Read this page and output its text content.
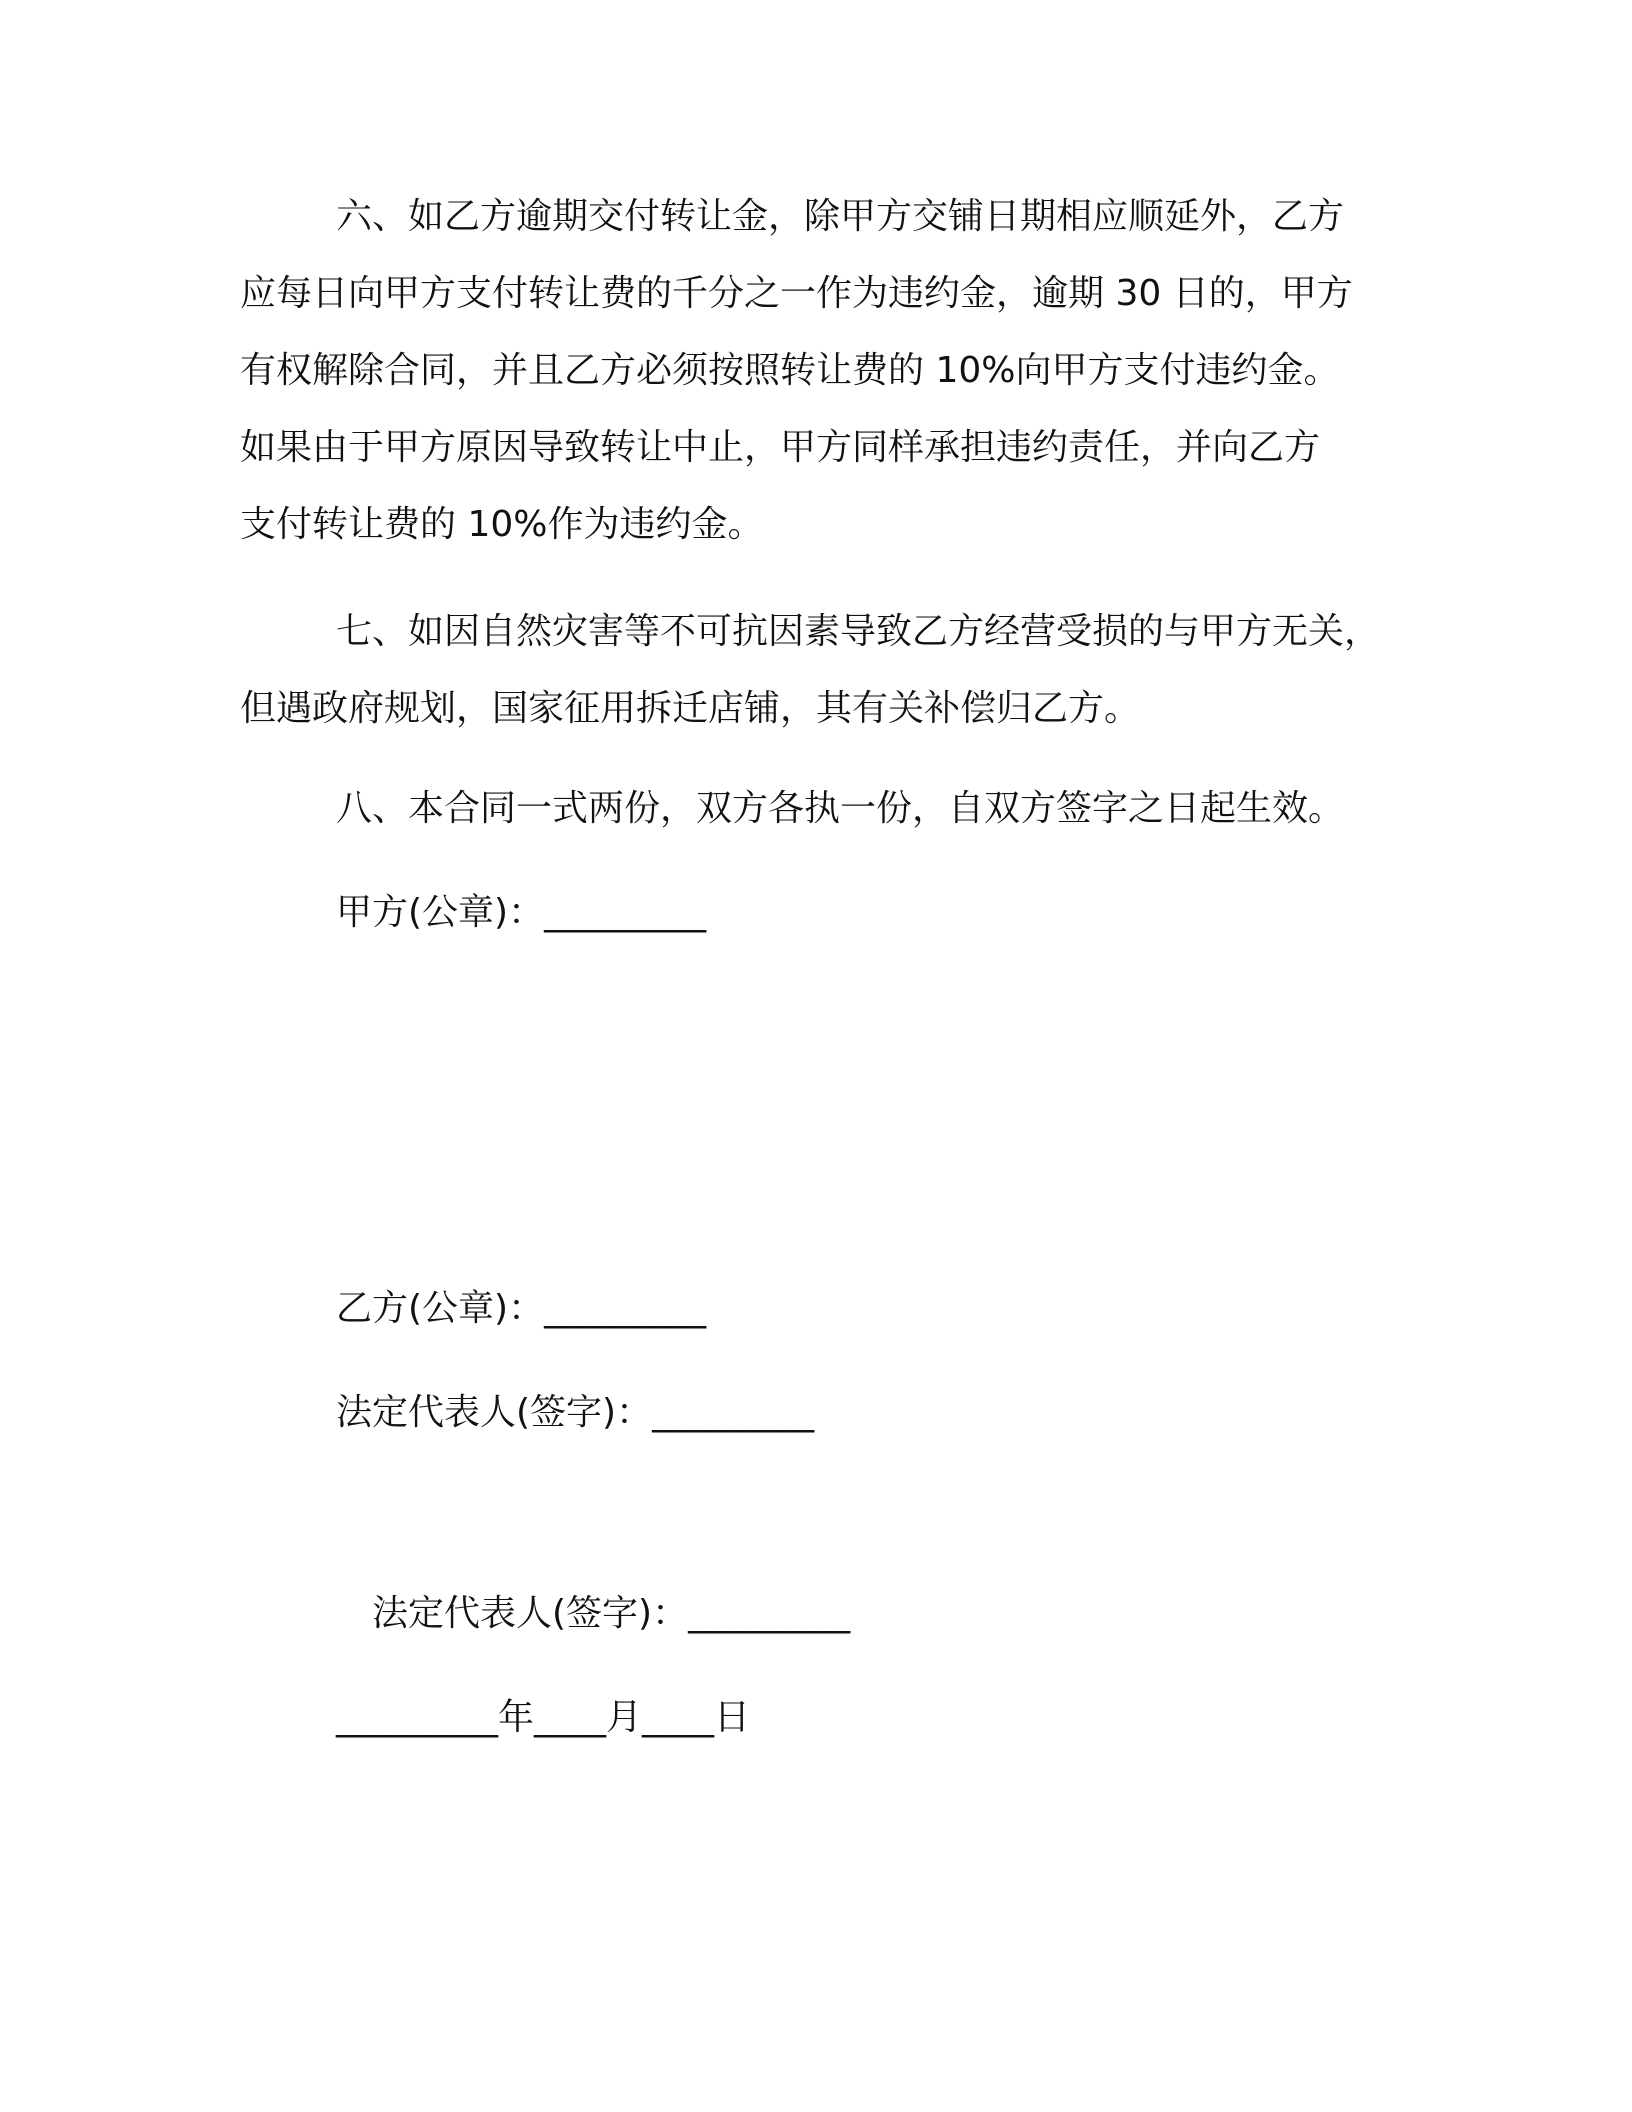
六、如乙方逾期交付转让金，除甲方交铺日期相应顺延外，乙方
应每日向甲方支付转让费的千分之一作为违约金，逾期 30 日的，甲方
有权解除合同，并且乙方必须按照转让费的 10%向甲方支付违约金。
如果由于甲方原因导致转让中止，甲方同样承担违约责任，并向乙方
支付转让费的 10%作为违约金。
七、如因自然灾害等不可抗因素导致乙方经营受损的与甲方无关，
但遇政府规划，国家征用拆迁店铺，其有关补偿归乙方。
八、本合同一式两份，双方各执一份，自双方签字之日起生效。
甲方(公章)：_________
乙方(公章)：_________
法定代表人(签字)：_________
法定代表人(签字)：_________
_________年____月____日
